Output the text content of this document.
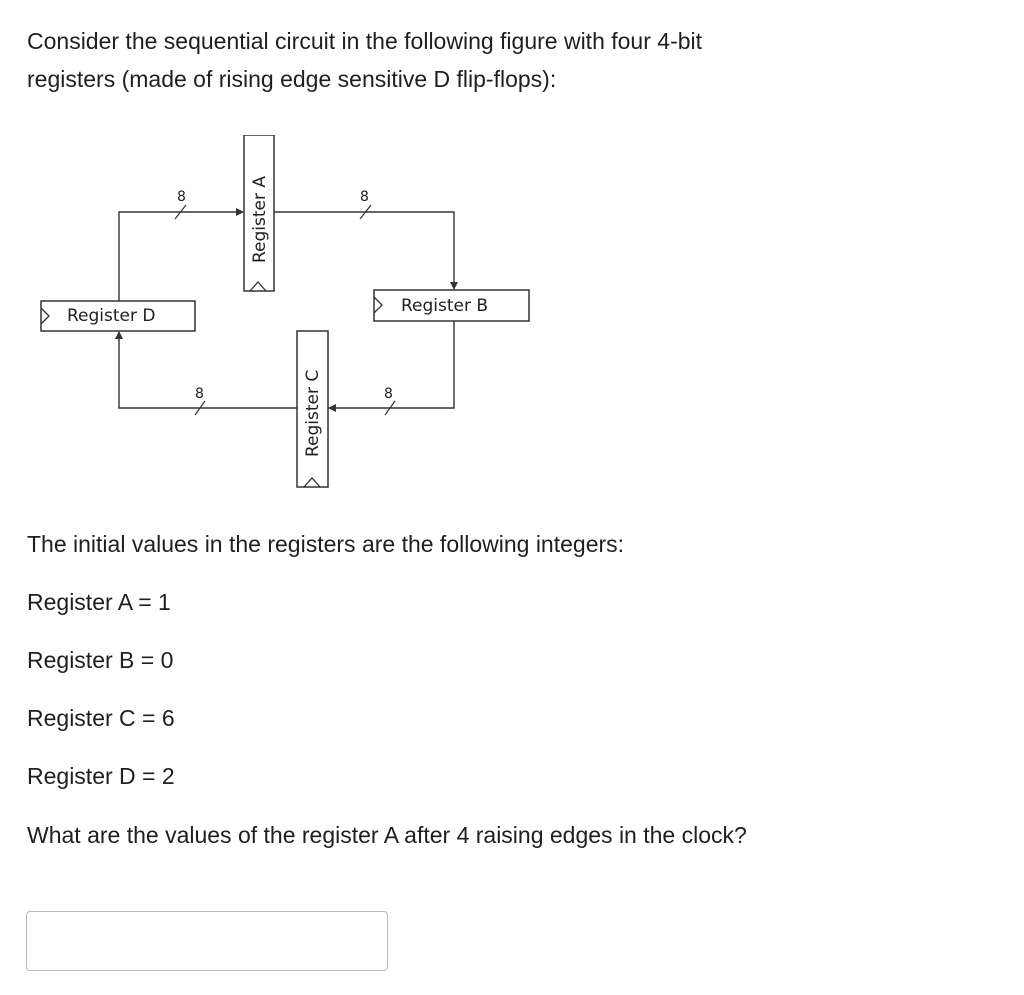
Consider the sequential circuit in the following figure with four 4-bit
registers (made of rising edge sensitive D flip-flops):

Register D
Register A
Register B
Register C
8	8
8
8

The initial values in the registers are the following integers:

Register A = 1

Register B = 0

Register C = 6

Register D = 2

What are the values of the register A after 4 raising edges in the clock?
